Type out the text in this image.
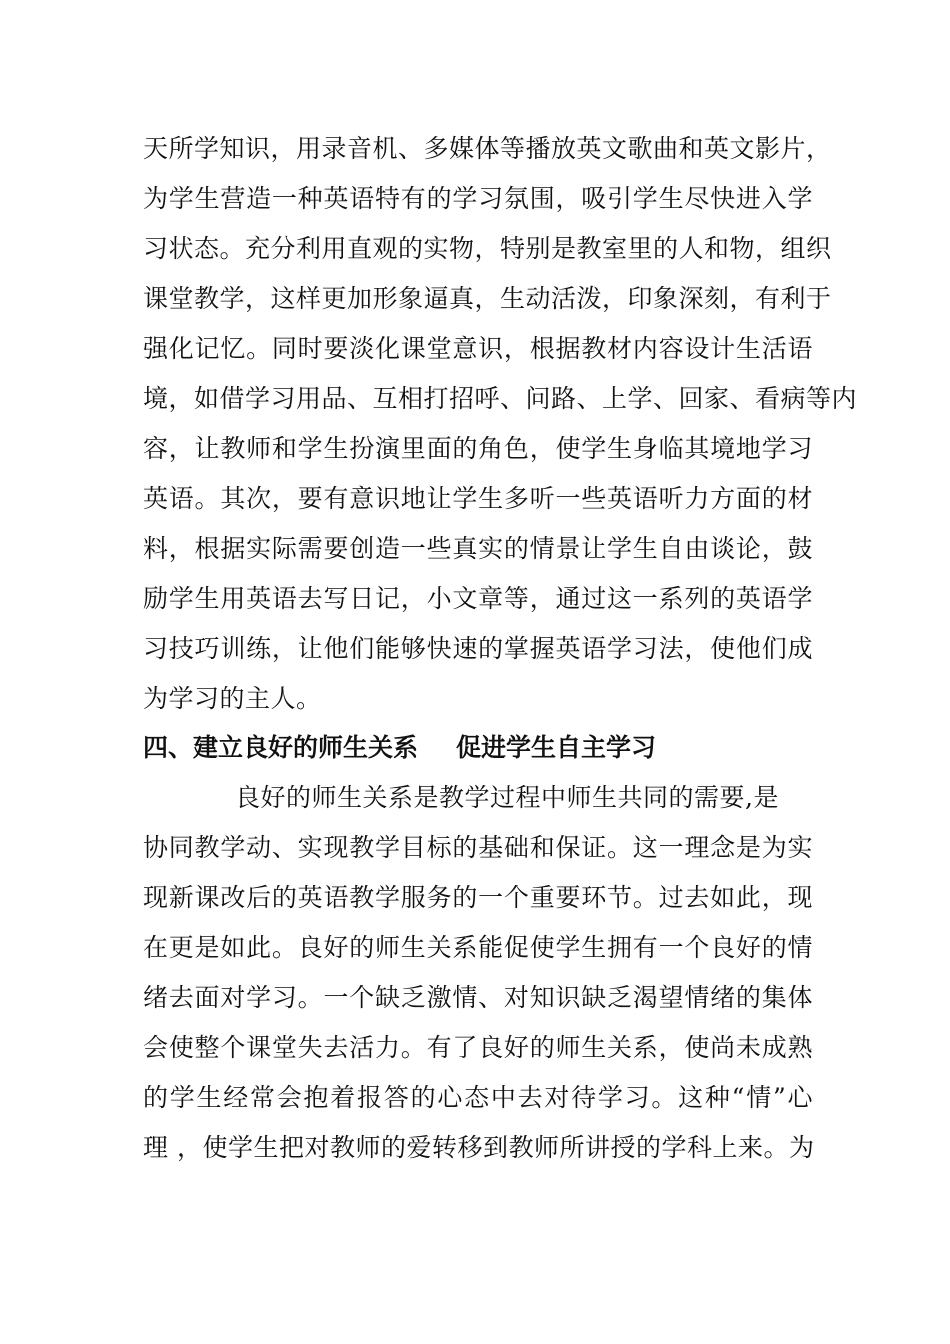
天所学知识，用录音机、多媒体等播放英文歌曲和英文影片，
为学生营造一种英语特有的学习氛围，吸引学生尽快进入学
习状态。充分利用直观的实物，特别是教室里的人和物，组织
课堂教学，这样更加形象逼真，生动活泼，印象深刻，有利于
强化记忆。同时要淡化课堂意识，根据教材内容设计生活语
境，如借学习用品、互相打招呼、问路、上学、回家、看病等内
容，让教师和学生扮演里面的角色，使学生身临其境地学习
英语。其次，要有意识地让学生多听一些英语听力方面的材
料，根据实际需要创造一些真实的情景让学生自由谈论，鼓
励学生用英语去写日记，小文章等，通过这一系列的英语学
习技巧训练，让他们能够快速的掌握英语学习法，使他们成
为学习的主人。
四、建立良好的师生关系 促进学生自主学习
良好的师生关系是教学过程中师生共同的需要,是
协同教学动、实现教学目标的基础和保证。这一理念是为实
现新课改后的英语教学服务的一个重要环节。过去如此，现
在更是如此。良好的师生关系能促使学生拥有一个良好的情
绪去面对学习。一个缺乏激情、对知识缺乏渴望情绪的集体
会使整个课堂失去活力。有了良好的师生关系，使尚未成熟
的学生经常会抱着报答的心态中去对待学习。这种“情”心
理 ，使学生把对教师的爱转移到教师所讲授的学科上来。为
